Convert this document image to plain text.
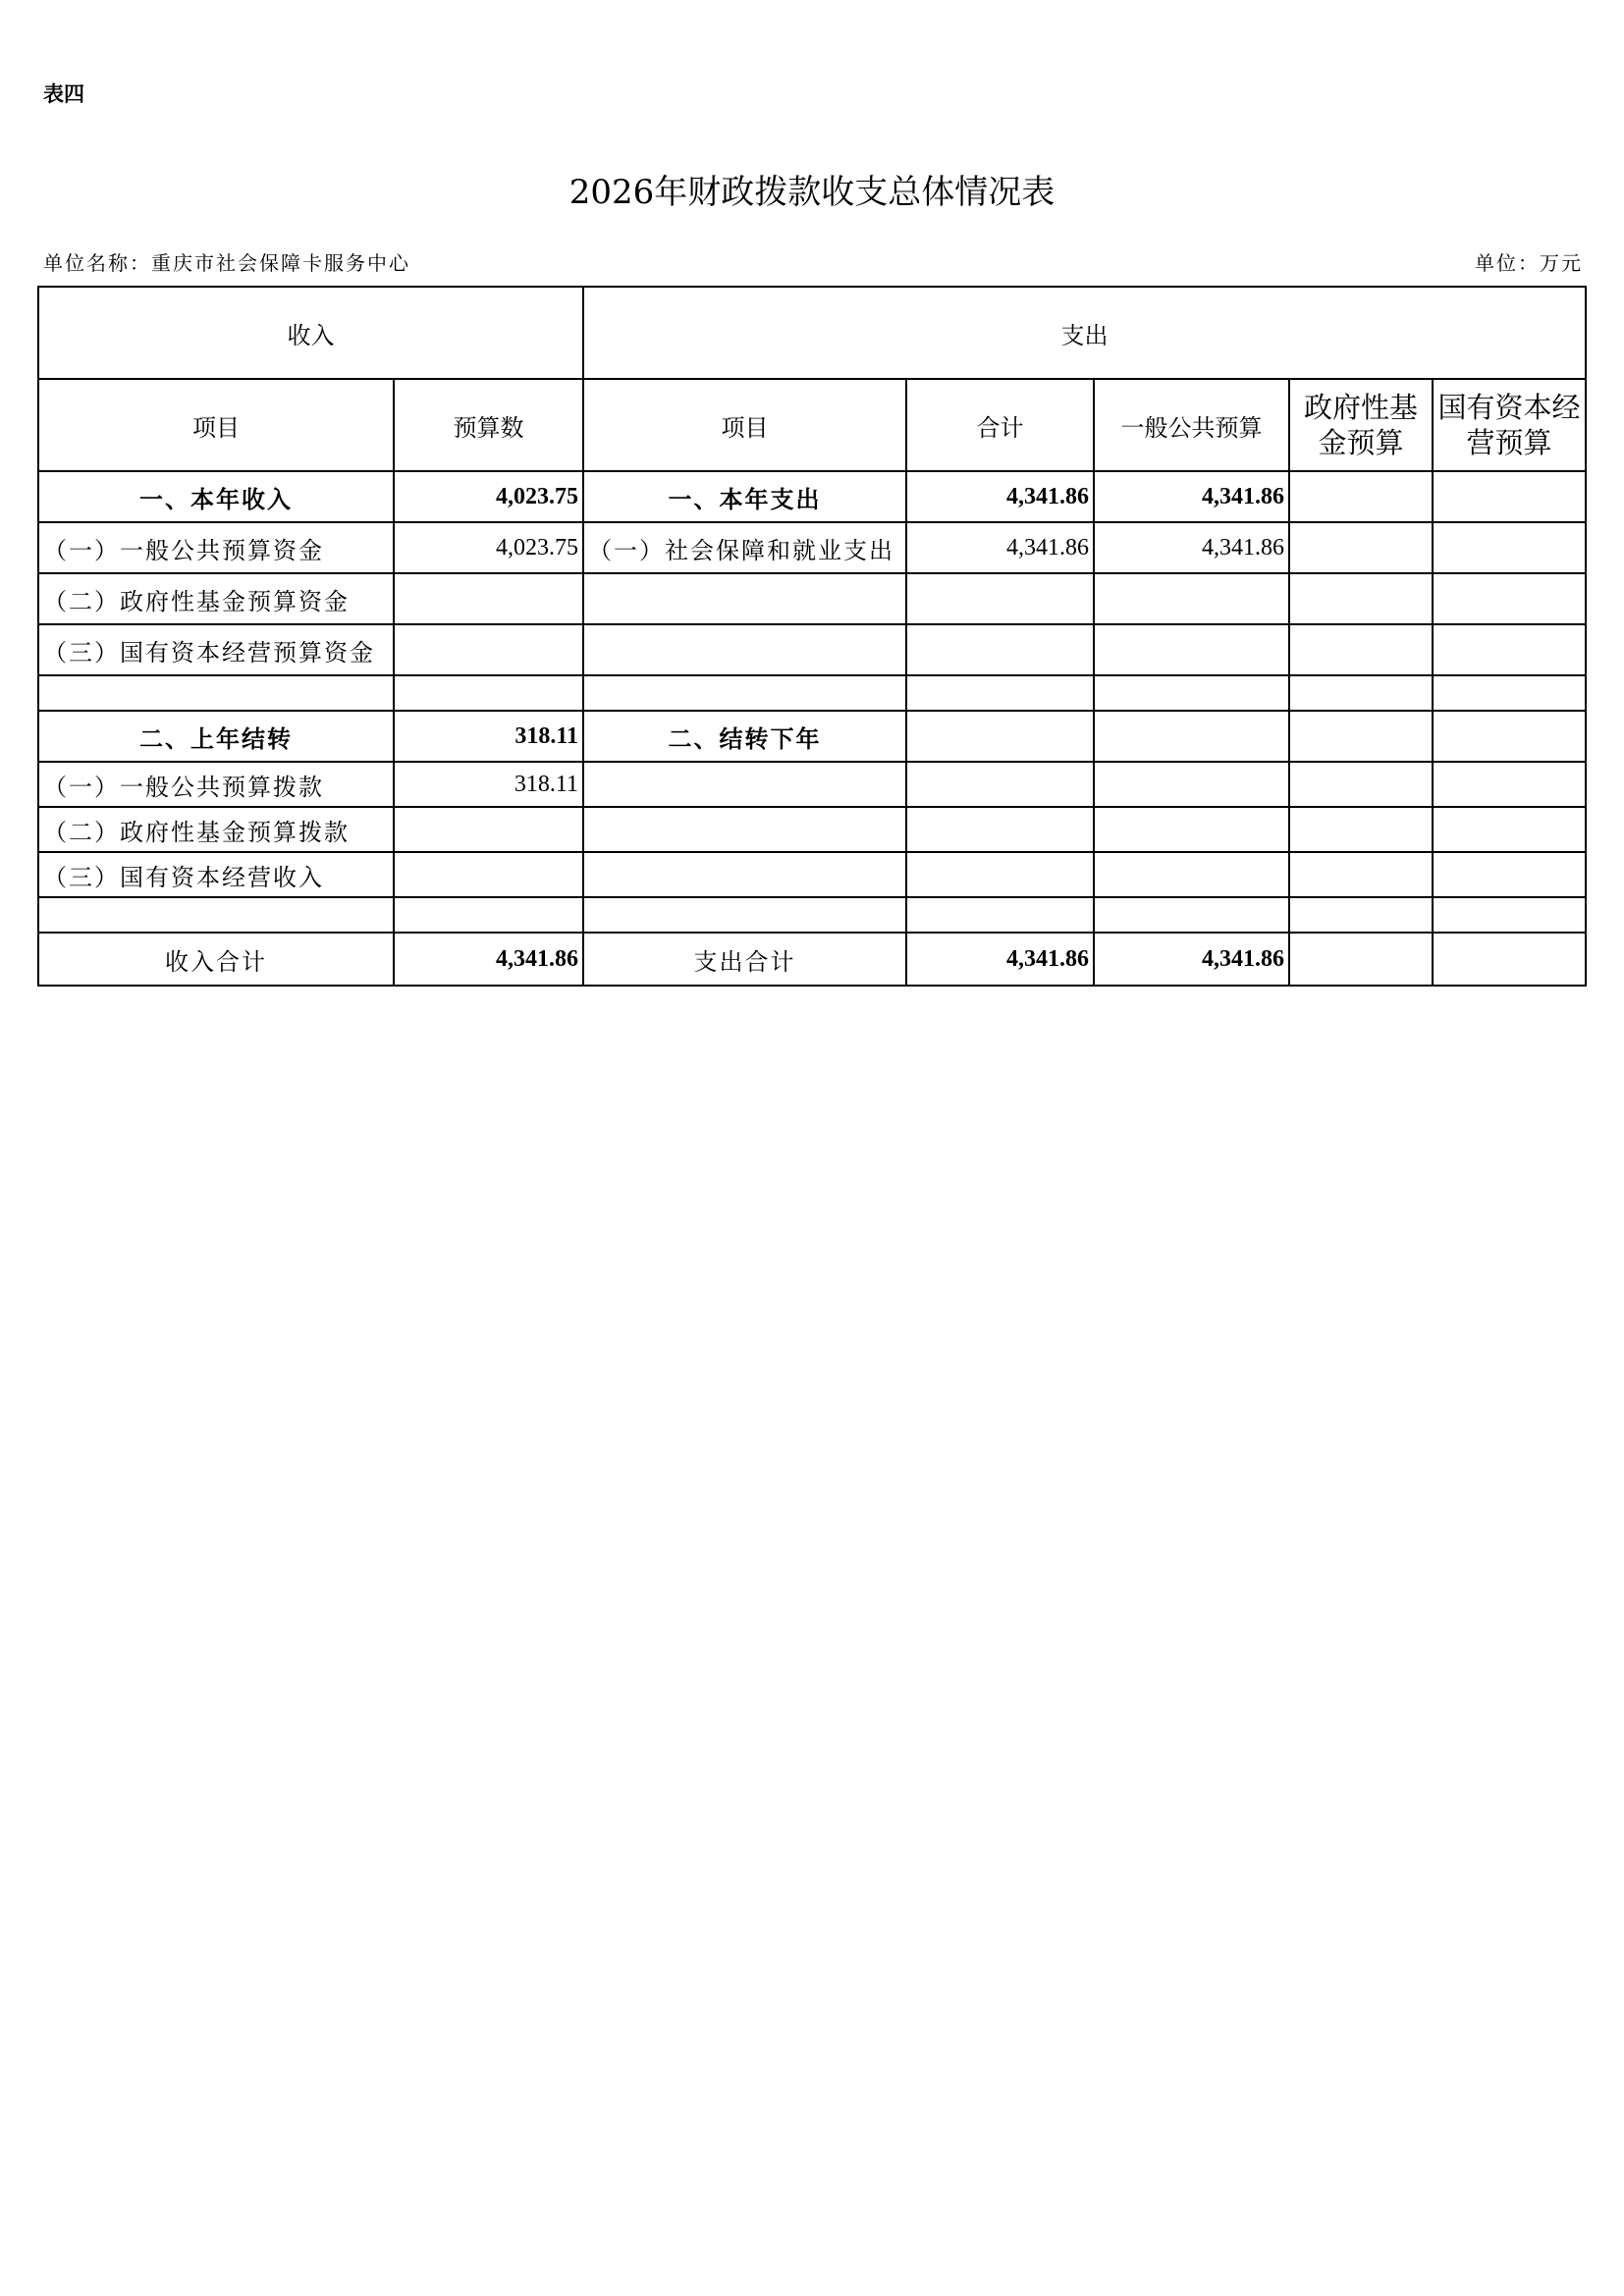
表四
2026年财政拨款收支总体情况表
单位名称：重庆市社会保障卡服务中心	单位：万元
收入		支出				
项目	预算数	项目	合计	一般公共预算	政府性基金预算	国有资本经营预算
一、本年收入	4,023.75	一、本年支出	4,341.86	4,341.86		
（一）一般公共预算资金	4,023.75	（一）社会保障和就业支出	4,341.86	4,341.86		
（二）政府性基金预算资金						
（三）国有资本经营预算资金						

二、上年结转	318.11	二、结转下年				
（一）一般公共预算拨款	318.11					
（二）政府性基金预算拨款						
（三）国有资本经营收入						

收入合计	4,341.86	支出合计	4,341.86	4,341.86		
